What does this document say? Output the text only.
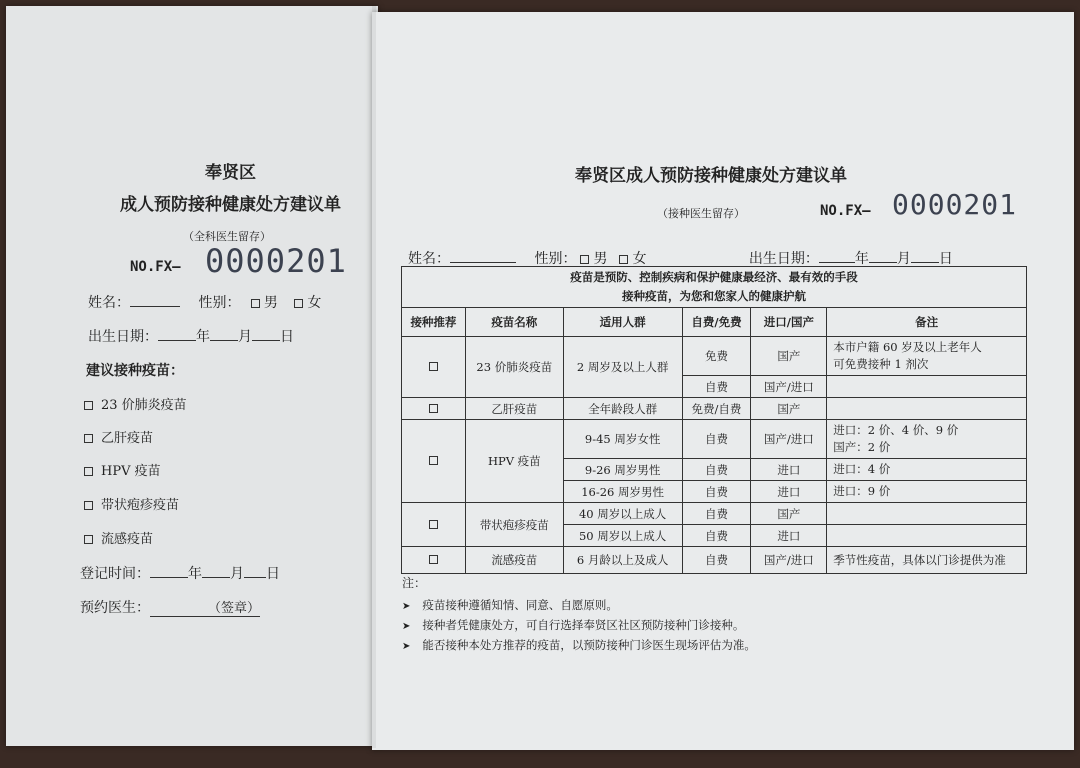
奉贤区
成人预防接种健康处方建议单
（全科医生留存）
NO.FX— 0000201
姓名：	性别： 男 女
出生日期：	年 月 日
建议接种疫苗：
23 价肺炎疫苗
乙肝疫苗
HPV 疫苗
带状疱疹疫苗
流感疫苗
登记时间：	年 月 日
预约医生：	（签章）
奉贤区成人预防接种健康处方建议单
（接种医生留存）	NO.FX— 0000201
姓名：	性别： 男 女	出生日期：	年 月 日
疫苗是预防、控制疾病和保护健康最经济、最有效的手段
接种疫苗，为您和您家人的健康护航					

接种推荐	疫苗名称	适用人群	自费/免费	进口/国产	备注
	23 价肺炎疫苗	2 周岁及以上人群	免费	国产	本市户籍 60 岁及以上老年人
可免费接种 1 剂次

			自费	国产/进口	
	乙肝疫苗	全年龄段人群	免费/自费	国产	
	HPV 疫苗	9-45 周岁女性	自费	国产/进口	进口：2 价、4 价、9 价
国产：2 价

		9-26 周岁男性	自费	进口	进口：4 价
		16-26 周岁男性	自费	进口	进口：9 价
	带状疱疹疫苗	40 周岁以上成人	自费	国产	
		50 周岁以上成人	自费	进口	
	流感疫苗	6 月龄以上及成人	自费	国产/进口	季节性疫苗，具体以门诊提供为准
注：
➤ 疫苗接种遵循知情、同意、自愿原则。
➤ 接种者凭健康处方，可自行选择奉贤区社区预防接种门诊接种。
➤ 能否接种本处方推荐的疫苗，以预防接种门诊医生现场评估为准。
